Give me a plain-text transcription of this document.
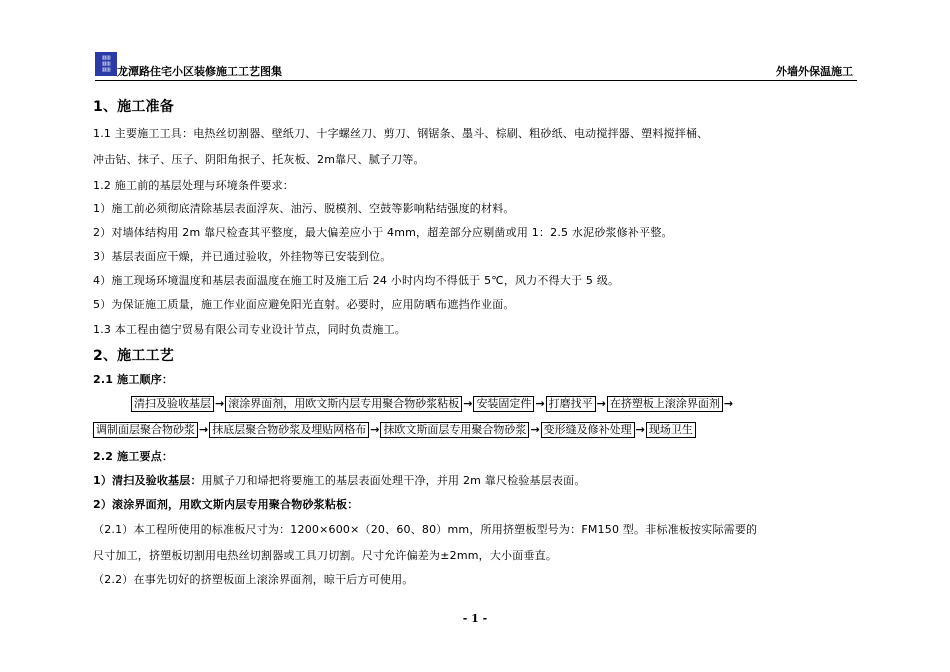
▥▥
▥▥
▥▥ 龙潭路住宅小区装修施工工艺图集	外墙外保温施工
1、施工准备
1.1 主要施工工具：电热丝切割器、壁纸刀、十字螺丝刀、剪刀、钢锯条、墨斗、棕刷、粗砂纸、电动搅拌器、塑料搅拌桶、
冲击钻、抹子、压子、阴阳角抿子、托灰板、2m靠尺、腻子刀等。
1.2 施工前的基层处理与环境条件要求：
1）施工前必须彻底清除基层表面浮灰、油污、脱模剂、空鼓等影响粘结强度的材料。
2）对墙体结构用 2m 靠尺检查其平整度，最大偏差应小于 4mm，超差部分应剔凿或用 1：2.5 水泥砂浆修补平整。
3）基层表面应干燥，并已通过验收，外挂物等已安装到位。
4）施工现场环境温度和基层表面温度在施工时及施工后 24 小时内均不得低于 5℃，风力不得大于 5 级。
5）为保证施工质量，施工作业面应避免阳光直射。必要时，应用防晒布遮挡作业面。
1.3 本工程由德宁贸易有限公司专业设计节点，同时负责施工。
2、施工工艺
2.1 施工顺序：
清扫及验收基层 → 滚涂界面剂，用欧文斯内层专用聚合物砂浆粘板 → 安装固定件 → 打磨找平 → 在挤塑板上滚涂界面剂 →
调制面层聚合物砂浆 → 抹底层聚合物砂浆及埋贴网格布 → 抹欧文斯面层专用聚合物砂浆 → 变形缝及修补处理 → 现场卫生
2.2 施工要点：
1）清扫及验收基层：用腻子刀和埽把将要施工的基层表面处理干净，并用 2m 靠尺检验基层表面。
2）滚涂界面剂，用欧文斯内层专用聚合物砂浆粘板：
（2.1）本工程所使用的标准板尺寸为：1200×600×（20、60、80）mm，所用挤塑板型号为：FM150 型。非标准板按实际需要的
尺寸加工，挤塑板切割用电热丝切割器或工具刀切割。尺寸允许偏差为±2mm，大小面垂直。
（2.2）在事先切好的挤塑板面上滚涂界面剂，晾干后方可使用。
- 1 -
